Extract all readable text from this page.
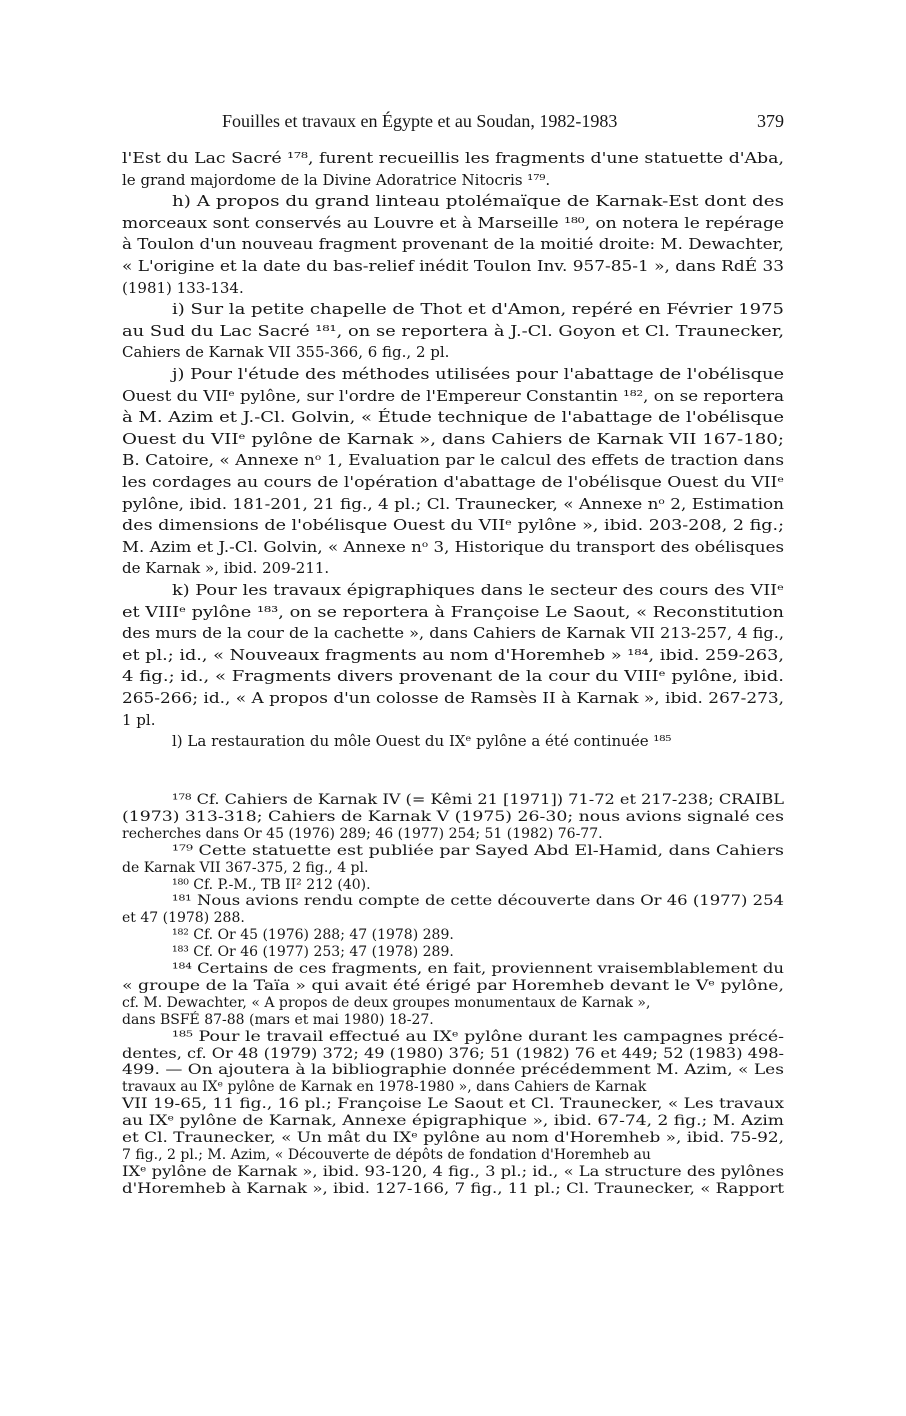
Fouilles et travaux en Égypte et au Soudan, 1982-1983	379
l'Est du Lac Sacré ¹⁷⁸, furent recueillis les fragments d'une statuette d'Aba,
le grand majordome de la Divine Adoratrice Nitocris ¹⁷⁹.
h) A propos du grand linteau ptolémaïque de Karnak-Est dont des
morceaux sont conservés au Louvre et à Marseille ¹⁸⁰, on notera le repérage
à Toulon d'un nouveau fragment provenant de la moitié droite: M. Dewachter,
« L'origine et la date du bas-relief inédit Toulon Inv. 957-85-1 », dans RdÉ 33
(1981) 133-134.
i) Sur la petite chapelle de Thot et d'Amon, repéré en Février 1975
au Sud du Lac Sacré ¹⁸¹, on se reportera à J.-Cl. Goyon et Cl. Traunecker,
Cahiers de Karnak VII 355-366, 6 fig., 2 pl.
j) Pour l'étude des méthodes utilisées pour l'abattage de l'obélisque
Ouest du VIIᵉ pylône, sur l'ordre de l'Empereur Constantin ¹⁸², on se reportera
à M. Azim et J.-Cl. Golvin, « Étude technique de l'abattage de l'obélisque
Ouest du VIIᵉ pylône de Karnak », dans Cahiers de Karnak VII 167-180;
B. Catoire, « Annexe nᵒ 1, Evaluation par le calcul des effets de traction dans
les cordages au cours de l'opération d'abattage de l'obélisque Ouest du VIIᵉ
pylône, ibid. 181-201, 21 fig., 4 pl.; Cl. Traunecker, « Annexe nᵒ 2, Estimation
des dimensions de l'obélisque Ouest du VIIᵉ pylône », ibid. 203-208, 2 fig.;
M. Azim et J.-Cl. Golvin, « Annexe nᵒ 3, Historique du transport des obélisques
de Karnak », ibid. 209-211.
k) Pour les travaux épigraphiques dans le secteur des cours des VIIᵉ
et VIIIᵉ pylône ¹⁸³, on se reportera à Françoise Le Saout, « Reconstitution
des murs de la cour de la cachette », dans Cahiers de Karnak VII 213-257, 4 fig.,
et pl.; id., « Nouveaux fragments au nom d'Horemheb » ¹⁸⁴, ibid. 259-263,
4 fig.; id., « Fragments divers provenant de la cour du VIIIᵉ pylône, ibid.
265-266; id., « A propos d'un colosse de Ramsès II à Karnak », ibid. 267-273,
1 pl.
l) La restauration du môle Ouest du IXᵉ pylône a été continuée ¹⁸⁵
¹⁷⁸ Cf. Cahiers de Karnak IV (= Kêmi 21 [1971]) 71-72 et 217-238; CRAIBL
(1973) 313-318; Cahiers de Karnak V (1975) 26-30; nous avions signalé ces
recherches dans Or 45 (1976) 289; 46 (1977) 254; 51 (1982) 76-77.
¹⁷⁹ Cette statuette est publiée par Sayed Abd El-Hamid, dans Cahiers
de Karnak VII 367-375, 2 fig., 4 pl.
¹⁸⁰ Cf. P.-M., TB II² 212 (40).
¹⁸¹ Nous avions rendu compte de cette découverte dans Or 46 (1977) 254
et 47 (1978) 288.
¹⁸² Cf. Or 45 (1976) 288; 47 (1978) 289.
¹⁸³ Cf. Or 46 (1977) 253; 47 (1978) 289.
¹⁸⁴ Certains de ces fragments, en fait, proviennent vraisemblablement du
« groupe de la Taïa » qui avait été érigé par Horemheb devant le Vᵉ pylône,
cf. M. Dewachter, « A propos de deux groupes monumentaux de Karnak »,
dans BSFÉ 87-88 (mars et mai 1980) 18-27.
¹⁸⁵ Pour le travail effectué au IXᵉ pylône durant les campagnes précé-
dentes, cf. Or 48 (1979) 372; 49 (1980) 376; 51 (1982) 76 et 449; 52 (1983) 498-
499. — On ajoutera à la bibliographie donnée précédemment M. Azim, « Les
travaux au IXᵉ pylône de Karnak en 1978-1980 », dans Cahiers de Karnak
VII 19-65, 11 fig., 16 pl.; Françoise Le Saout et Cl. Traunecker, « Les travaux
au IXᵉ pylône de Karnak, Annexe épigraphique », ibid. 67-74, 2 fig.; M. Azim
et Cl. Traunecker, « Un mât du IXᵉ pylône au nom d'Horemheb », ibid. 75-92,
7 fig., 2 pl.; M. Azim, « Découverte de dépôts de fondation d'Horemheb au
IXᵉ pylône de Karnak », ibid. 93-120, 4 fig., 3 pl.; id., « La structure des pylônes
d'Horemheb à Karnak », ibid. 127-166, 7 fig., 11 pl.; Cl. Traunecker, « Rapport
